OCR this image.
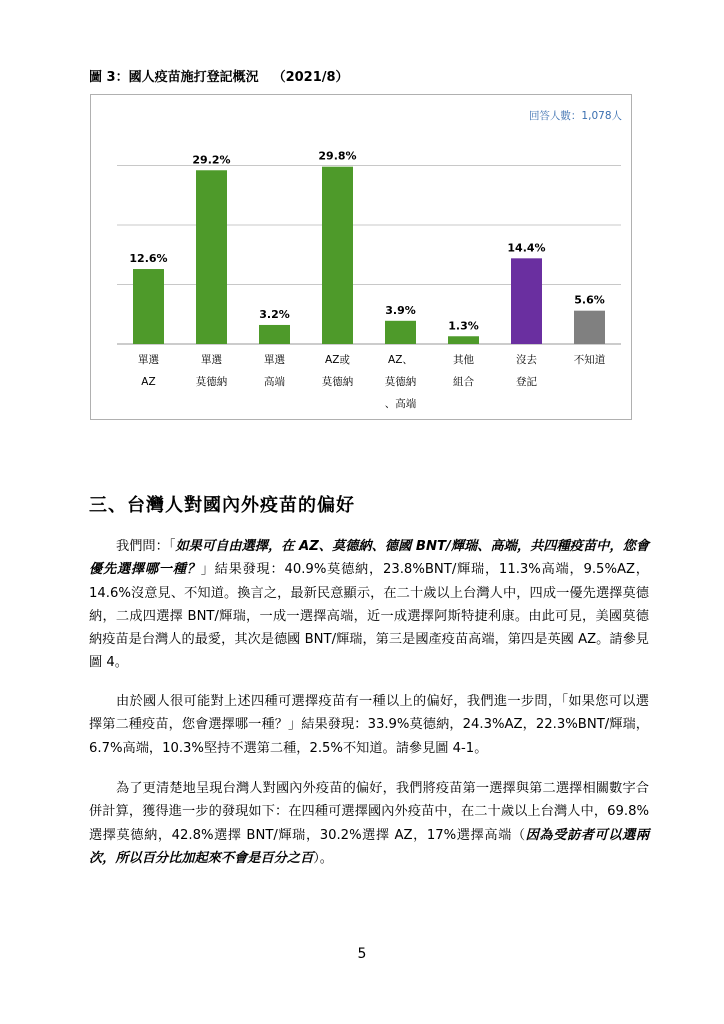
圖 3：國人疫苗施打登記概況 （2021/8）
12.6%
29.2%
3.2%
29.8%
3.9%
1.3%
14.4%
5.6%
單選
AZ
單選
莫德納
單選
高端
AZ或
莫德納
AZ、
莫德納
、高端
其他
組合
沒去
登記
不知道
回答人數：1,078人
三、台灣人對國內外疫苗的偏好

我們問：「如果可自由選擇，在 AZ、莫德納、德國 BNT/輝瑞、高端，共四種疫苗中，您會優先選擇哪一種？」結果發現：40.9%莫德納，23.8%BNT/輝瑞，11.3%高端，9.5%AZ，14.6%沒意見、不知道。換言之，最新民意顯示，在二十歲以上台灣人中，四成一優先選擇莫德納，二成四選擇 BNT/輝瑞，一成一選擇高端，近一成選擇阿斯特捷利康。由此可見，美國莫德納疫苗是台灣人的最愛，其次是德國 BNT/輝瑞，第三是國產疫苗高端，第四是英國 AZ。請參見圖 4。

由於國人很可能對上述四種可選擇疫苗有一種以上的偏好，我們進一步問，「如果您可以選擇第二種疫苗，您會選擇哪一種？」結果發現：33.9%莫德納，24.3%AZ，22.3%BNT/輝瑞，6.7%高端，10.3%堅持不選第二種，2.5%不知道。請參見圖 4-1。

為了更清楚地呈現台灣人對國內外疫苗的偏好，我們將疫苗第一選擇與第二選擇相關數字合併計算，獲得進一步的發現如下：在四種可選擇國內外疫苗中，在二十歲以上台灣人中，69.8%選擇莫德納，42.8%選擇 BNT/輝瑞，30.2%選擇 AZ，17%選擇高端（因為受訪者可以選兩次，所以百分比加起來不會是百分之百）。

5
